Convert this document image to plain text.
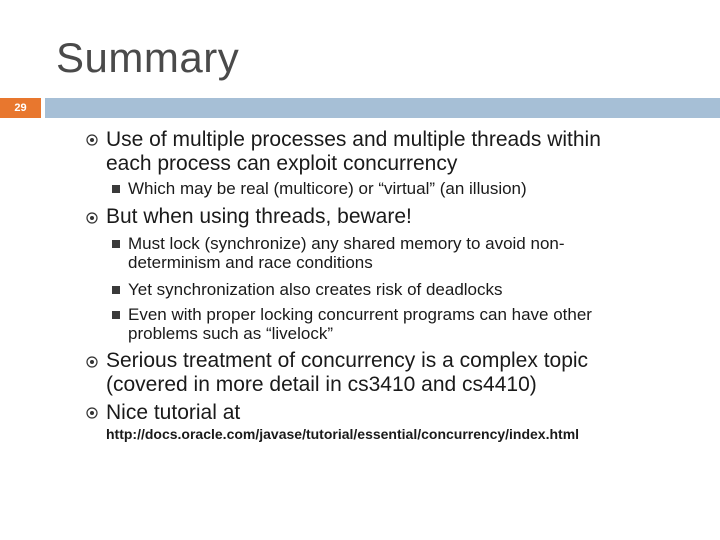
Summary
29
Use of multiple processes and multiple threads within
each process can exploit concurrency
Which may be real (multicore) or “virtual” (an illusion)
But when using threads, beware!
Must lock (synchronize) any shared memory to avoid non-
determinism and race conditions
Yet synchronization also creates risk of deadlocks
Even with proper locking concurrent programs can have other
problems such as “livelock”
Serious treatment of concurrency is a complex topic
(covered in more detail in cs3410 and cs4410)
Nice tutorial at
http://docs.oracle.com/javase/tutorial/essential/concurrency/index.html
